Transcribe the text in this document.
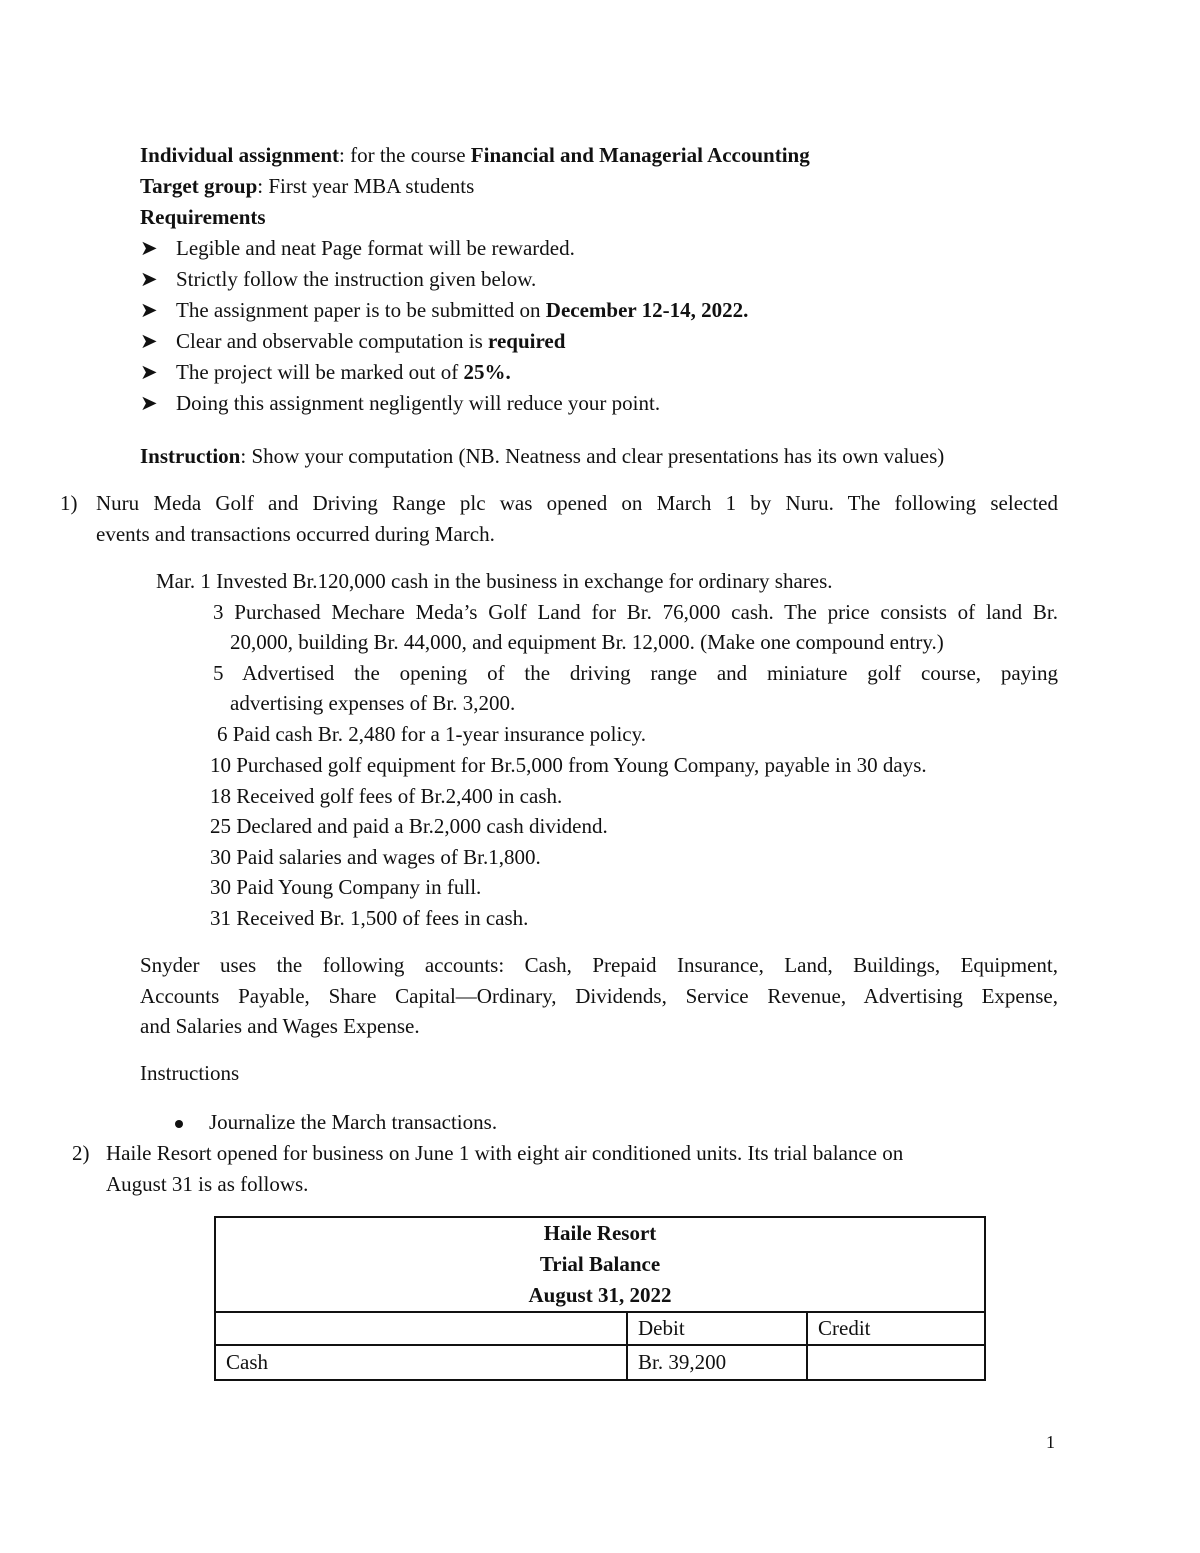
Individual assignment: for the course Financial and Managerial Accounting
Target group: First year MBA students
Requirements
➤ Legible and neat Page format will be rewarded.
➤ Strictly follow the instruction given below.
➤ The assignment paper is to be submitted on December 12-14, 2022.
➤ Clear and observable computation is required
➤ The project will be marked out of 25%.
➤ Doing this assignment negligently will reduce your point.
Instruction: Show your computation (NB. Neatness and clear presentations has its own values)
1) Nuru Meda Golf and Driving Range plc was opened on March 1 by Nuru. The following selected
events and transactions occurred during March.
Mar. 1 Invested Br.120,000 cash in the business in exchange for ordinary shares.
3 Purchased Mechare Meda’s Golf Land for Br. 76,000 cash. The price consists of land Br.
20,000, building Br. 44,000, and equipment Br. 12,000. (Make one compound entry.)
5 Advertised the opening of the driving range and miniature golf course, paying
advertising expenses of Br. 3,200.
6 Paid cash Br. 2,480 for a 1-year insurance policy.
10 Purchased golf equipment for Br.5,000 from Young Company, payable in 30 days.
18 Received golf fees of Br.2,400 in cash.
25 Declared and paid a Br.2,000 cash dividend.
30 Paid salaries and wages of Br.1,800.
30 Paid Young Company in full.
31 Received Br. 1,500 of fees in cash.
Snyder uses the following accounts: Cash, Prepaid Insurance, Land, Buildings, Equipment,
Accounts Payable, Share Capital—Ordinary, Dividends, Service Revenue, Advertising Expense,
and Salaries and Wages Expense.
Instructions
Journalize the March transactions.
2) Haile Resort opened for business on June 1 with eight air conditioned units. Its trial balance on
August 31 is as follows.
Haile Resort
Trial Balance
August 31, 2022		

	Debit	Credit
Cash	Br. 39,200	
1
